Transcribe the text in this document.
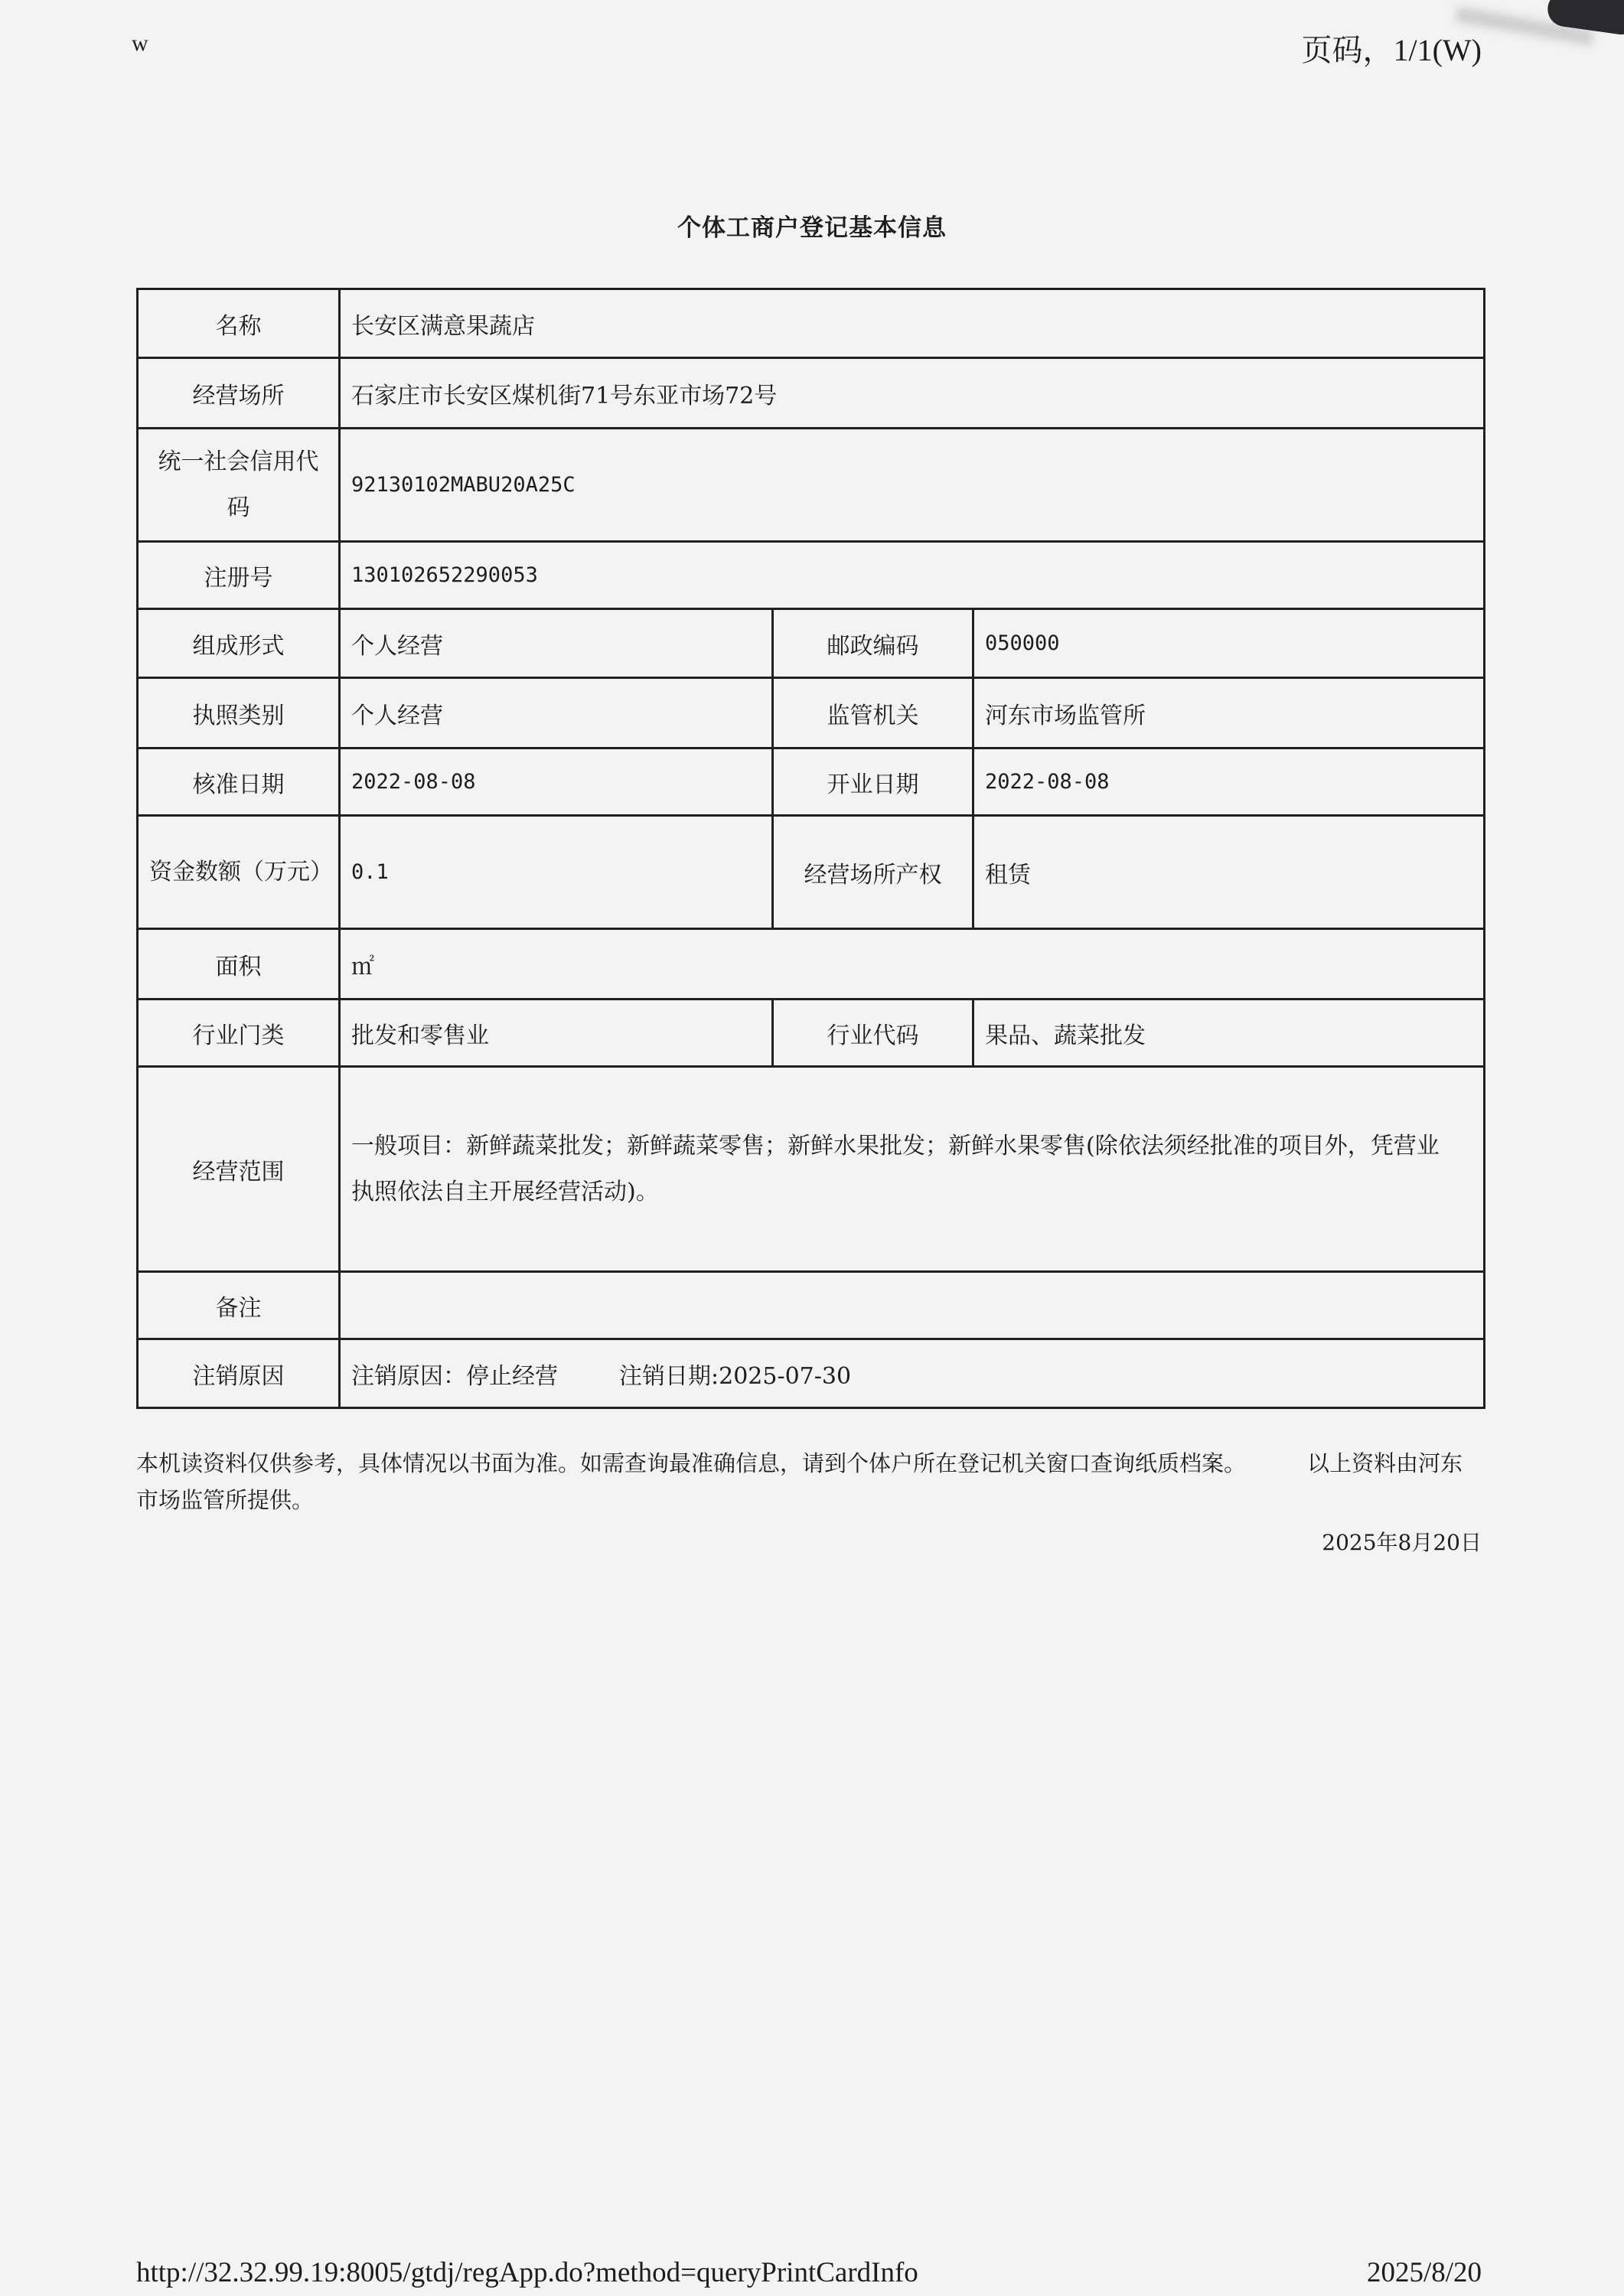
w	页码，1/1(W)
个体工商户登记基本信息
名称	长安区满意果蔬店		
经营场所	石家庄市长安区煤机街71号东亚市场72号		
统一社会信用代码	92130102MABU20A25C		
注册号	130102652290053		
组成形式	个人经营	邮政编码	050000
执照类别	个人经营	监管机关	河东市场监管所
核准日期	2022-08-08	开业日期	2022-08-08
资金数额（万元）	0.1	经营场所产权	租赁
面积	㎡		
行业门类	批发和零售业	行业代码	果品、蔬菜批发
经营范围	一般项目：新鲜蔬菜批发；新鲜蔬菜零售；新鲜水果批发；新鲜水果零售(除依法须经批准的项目外，凭营业执照依法自主开展经营活动)。		
备注			
注销原因	注销原因：停止经营 注销日期:2025-07-30		
本机读资料仅供参考，具体情况以书面为准。如需查询最准确信息，请到个体户所在登记机关窗口查询纸质档案。	以上资料由河东市场监管所提供。
2025年8月20日
http://32.32.99.19:8005/gtdj/regApp.do?method=queryPrintCardInfo	2025/8/20
